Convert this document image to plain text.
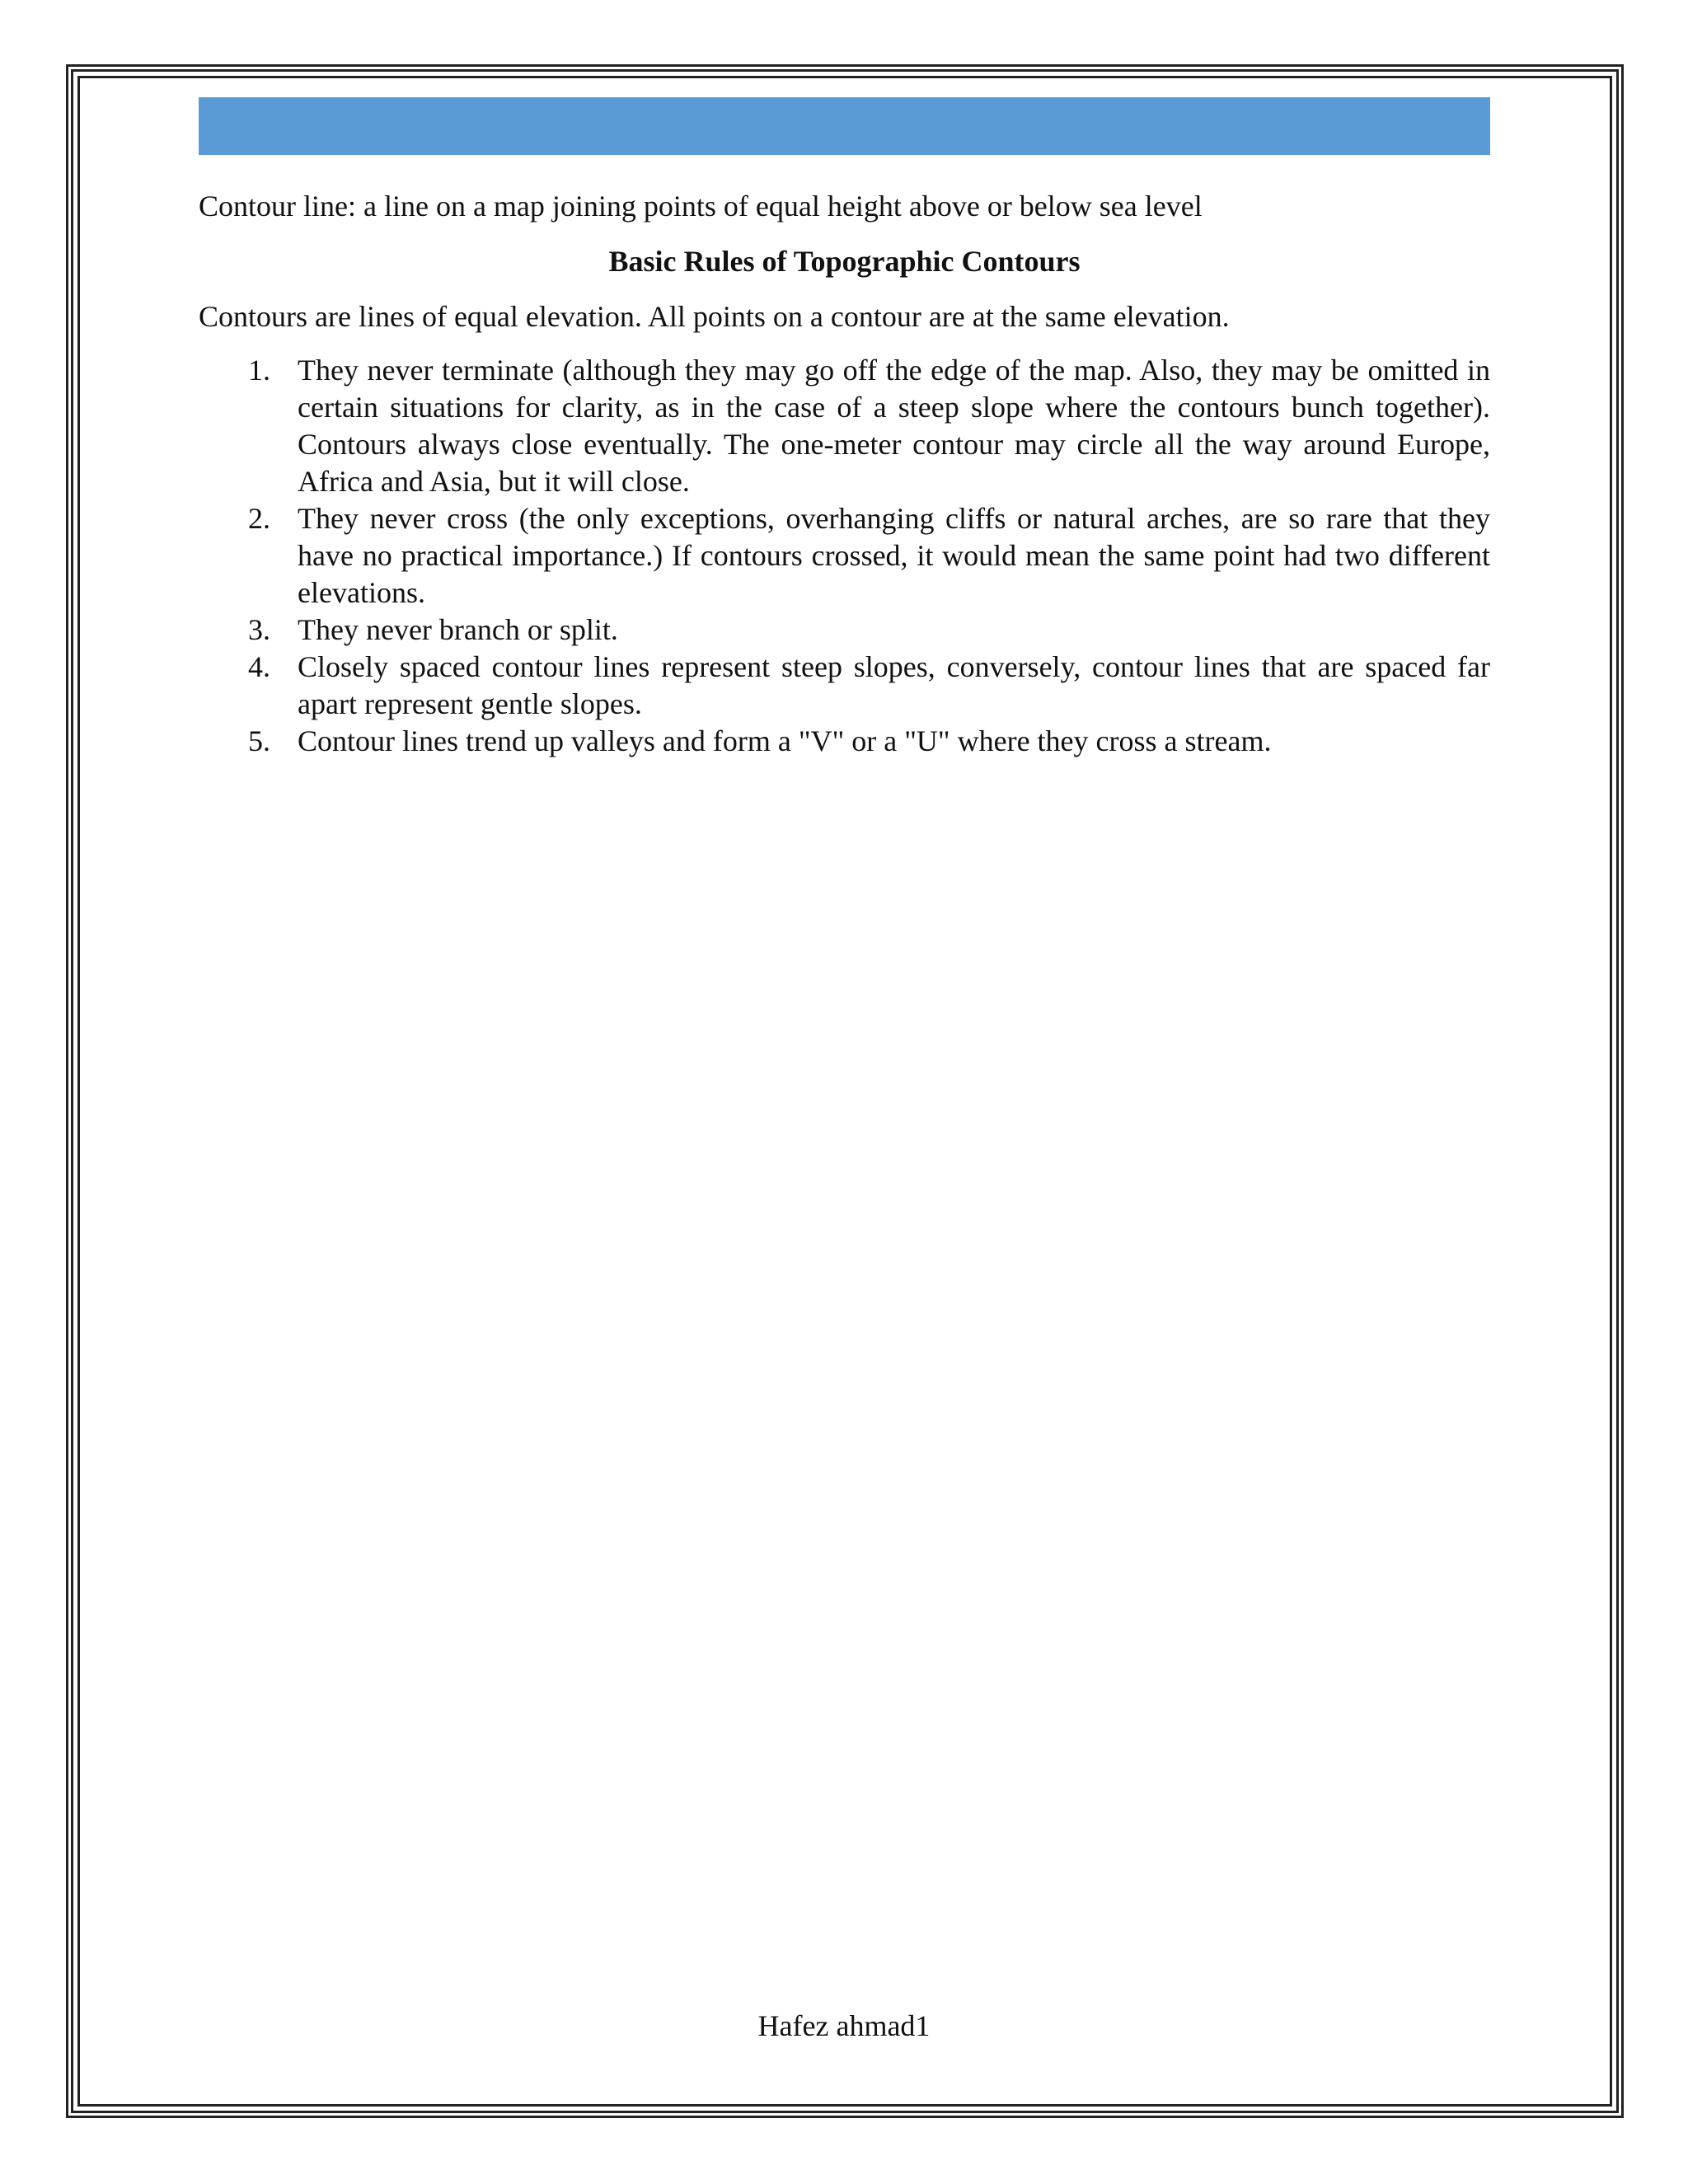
Contour line: a line on a map joining points of equal height above or below sea level

Basic Rules of Topographic Contours

Contours are lines of equal elevation. All points on a contour are at the same elevation.

1. They never terminate (although they may go off the edge of the map. Also, they may be omitted in certain situations for clarity, as in the case of a steep slope where the contours bunch together). Contours always close eventually. The one-meter contour may circle all the way around Europe, Africa and Asia, but it will close.
2. They never cross (the only exceptions, overhanging cliffs or natural arches, are so rare that they have no practical importance.) If contours crossed, it would mean the same point had two different elevations.
3. They never branch or split.
4. Closely spaced contour lines represent steep slopes, conversely, contour lines that are spaced far apart represent gentle slopes.
5. Contour lines trend up valleys and form a "V" or a "U" where they cross a stream.
Hafez ahmad1
